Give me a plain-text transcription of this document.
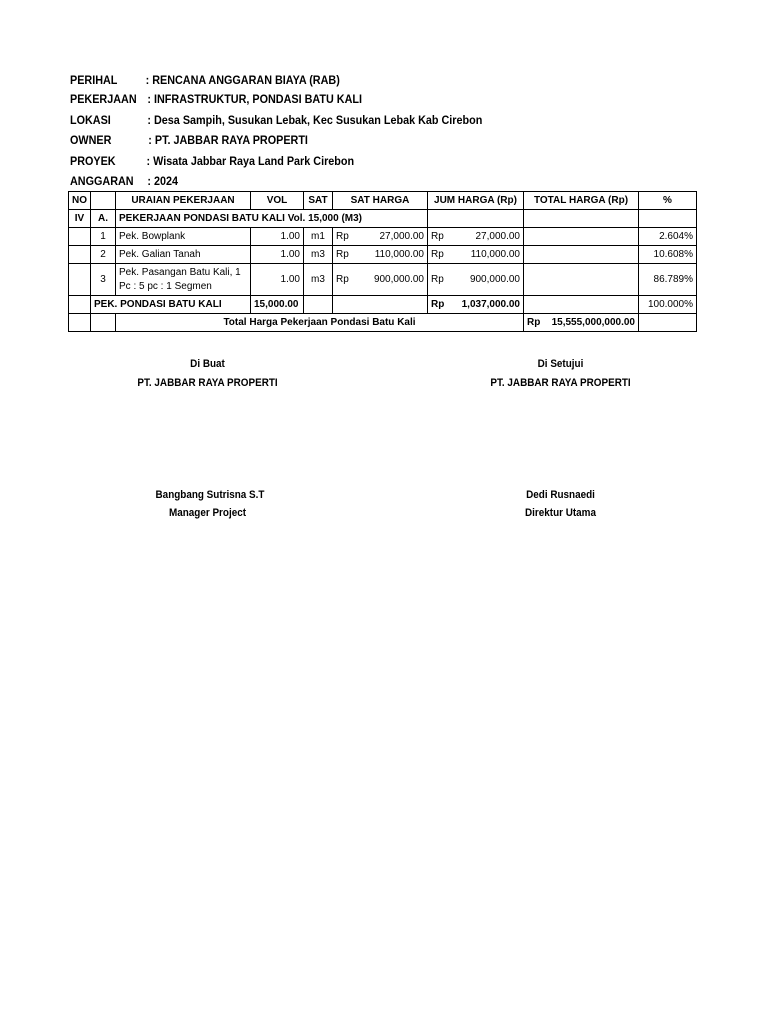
PERIHAL : RENCANA ANGGARAN BIAYA (RAB)
PEKERJAAN : INFRASTRUKTUR, PONDASI BATU KALI
LOKASI	: Desa Sampih, Susukan Lebak, Kec Susukan Lebak Kab Cirebon
OWNER	: PT. JABBAR RAYA PROPERTI
PROYEK	: Wisata Jabbar Raya Land Park Cirebon
ANGGARAN : 2024
NO		URAIAN PEKERJAAN	VOL	SAT	SAT HARGA	JUM HARGA (Rp)	TOTAL HARGA (Rp)	%
IV	A.	PEKERJAAN PONDASI BATU KALI Vol. 15,000 (M3)						
	1	Pek. Bowplank	1.00	m1	Rp 27,000.00	Rp 27,000.00		2.604%
	2	Pek. Galian Tanah	1.00	m3	Rp 110,000.00	Rp 110,000.00		10.608%
	3	Pek. Pasangan Batu Kali, 1 Pc : 5 pc : 1 Segmen	1.00	m3	Rp 900,000.00	Rp 900,000.00		86.789%
	PEK. PONDASI BATU KALI		15,000.00			Rp 1,037,000.00		100.000%
		Total Harga Pekerjaan Pondasi Batu Kali					Rp 15,555,000,000.00	

Di Buat
PT. JABBAR RAYA PROPERTI
Bangbang Sutrisna S.T
Manager Project
Di Setujui
PT. JABBAR RAYA PROPERTI
Dedi Rusnaedi
Direktur Utama
